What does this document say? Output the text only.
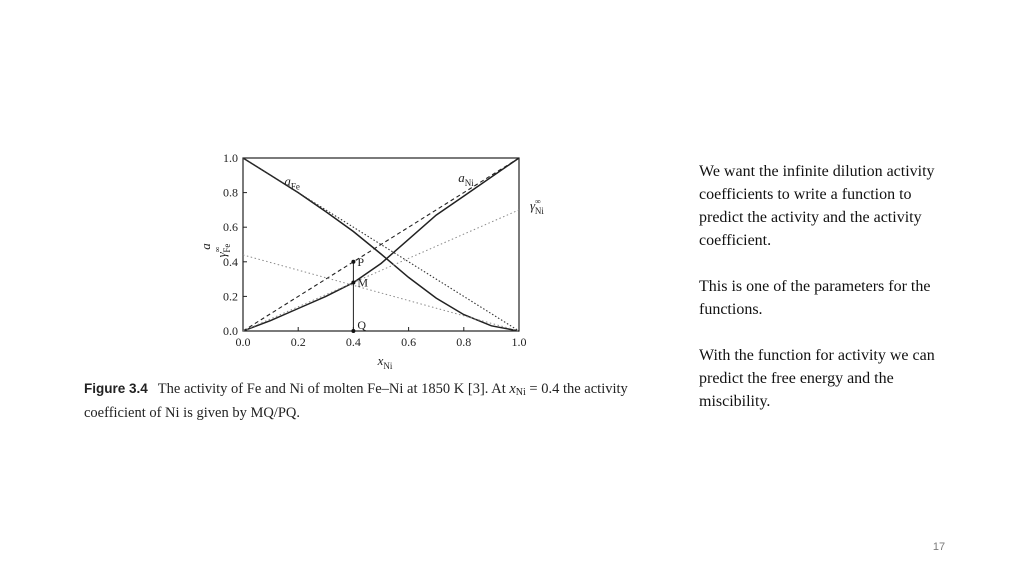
0.0	0.2	0.4	0.6	0.8	1.0
0.0
0.2
0.4
0.6
0.8
1.0
P
M
Q
$a_{Fe}$
$a_{Ni}$
γ∞ Ni
$x_{Ni}$
a
γ∞Fe

Figure 3.4 The activity of Fe and Ni of molten Fe–Ni at 1850 K [3]. At $x_{Ni} = 0.4$ the activity coefficient of Ni is given by MQ/PQ.

We want the infinite dilution activity coefficients to write a function to predict the activity and the activity coefficient.

This is one of the parameters for the functions.

With the function for activity we can predict the free energy and the miscibility.

17
